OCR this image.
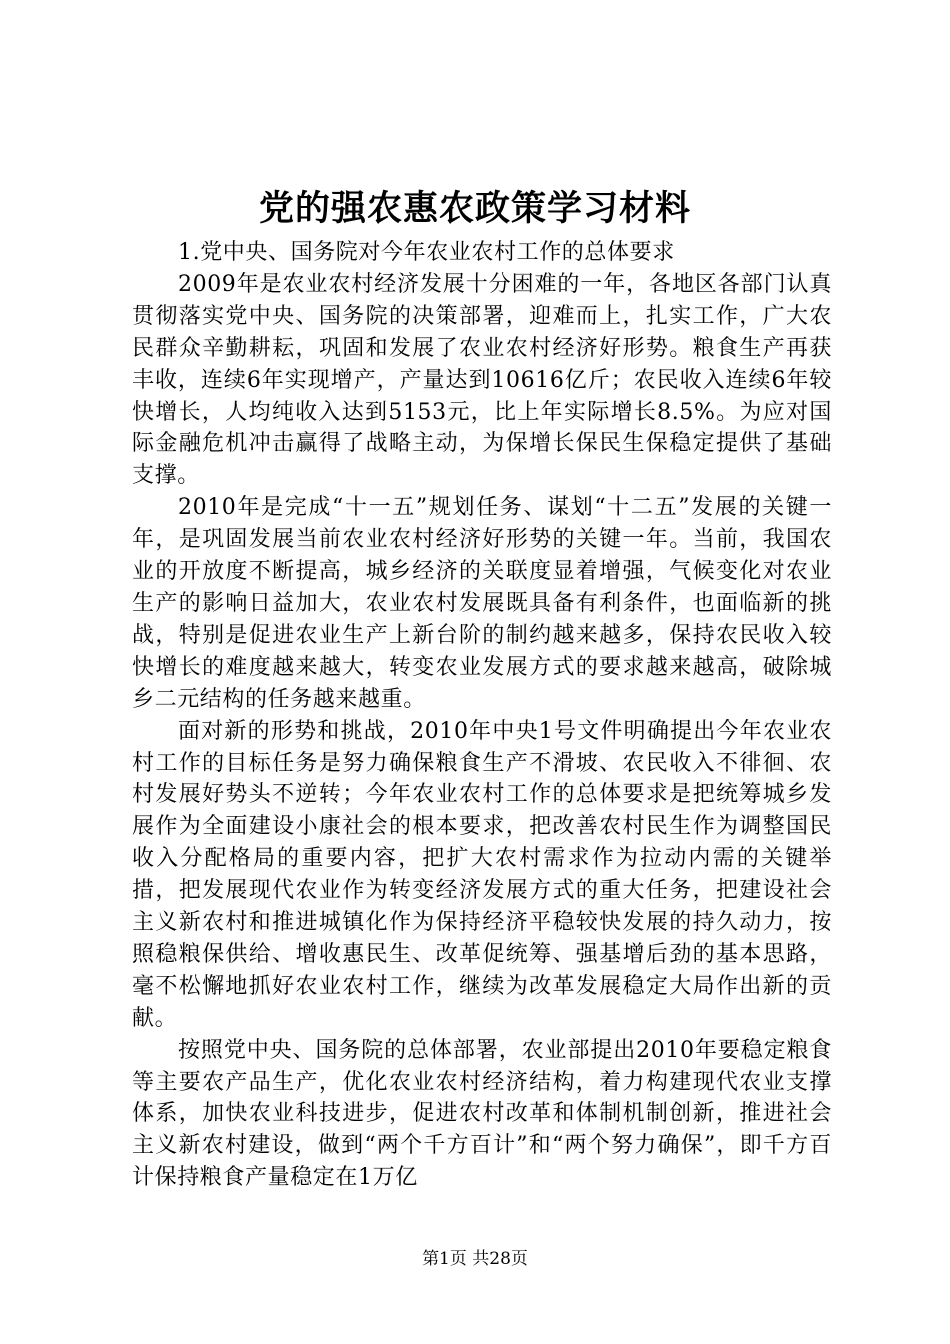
党的强农惠农政策学习材料

1.党中央、国务院对今年农业农村工作的总体要求

2009年是农业农村经济发展十分困难的一年，各地区各部门认真贯彻落实党中央、国务院的决策部署，迎难而上，扎实工作，广大农民群众辛勤耕耘，巩固和发展了农业农村经济好形势。粮食生产再获丰收，连续6年实现增产，产量达到10616亿斤；农民收入连续6年较快增长，人均纯收入达到5153元，比上年实际增长8.5%。为应对国际金融危机冲击赢得了战略主动，为保增长保民生保稳定提供了基础支撑。

2010年是完成“十一五”规划任务、谋划“十二五”发展的关键一年，是巩固发展当前农业农村经济好形势的关键一年。当前，我国农业的开放度不断提高，城乡经济的关联度显着增强，气候变化对农业生产的影响日益加大，农业农村发展既具备有利条件，也面临新的挑战，特别是促进农业生产上新台阶的制约越来越多，保持农民收入较快增长的难度越来越大，转变农业发展方式的要求越来越高，破除城乡二元结构的任务越来越重。

面对新的形势和挑战，2010年中央1号文件明确提出今年农业农村工作的目标任务是努力确保粮食生产不滑坡、农民收入不徘徊、农村发展好势头不逆转；今年农业农村工作的总体要求是把统筹城乡发展作为全面建设小康社会的根本要求，把改善农村民生作为调整国民收入分配格局的重要内容，把扩大农村需求作为拉动内需的关键举措，把发展现代农业作为转变经济发展方式的重大任务，把建设社会主义新农村和推进城镇化作为保持经济平稳较快发展的持久动力，按照稳粮保供给、增收惠民生、改革促统筹、强基增后劲的基本思路，毫不松懈地抓好农业农村工作，继续为改革发展稳定大局作出新的贡献。

按照党中央、国务院的总体部署，农业部提出2010年要稳定粮食等主要农产品生产，优化农业农村经济结构，着力构建现代农业支撑体系，加快农业科技进步，促进农村改革和体制机制创新，推进社会主义新农村建设，做到“两个千方百计”和“两个努力确保”，即千方百计保持粮食产量稳定在1万亿

第1页 共28页
